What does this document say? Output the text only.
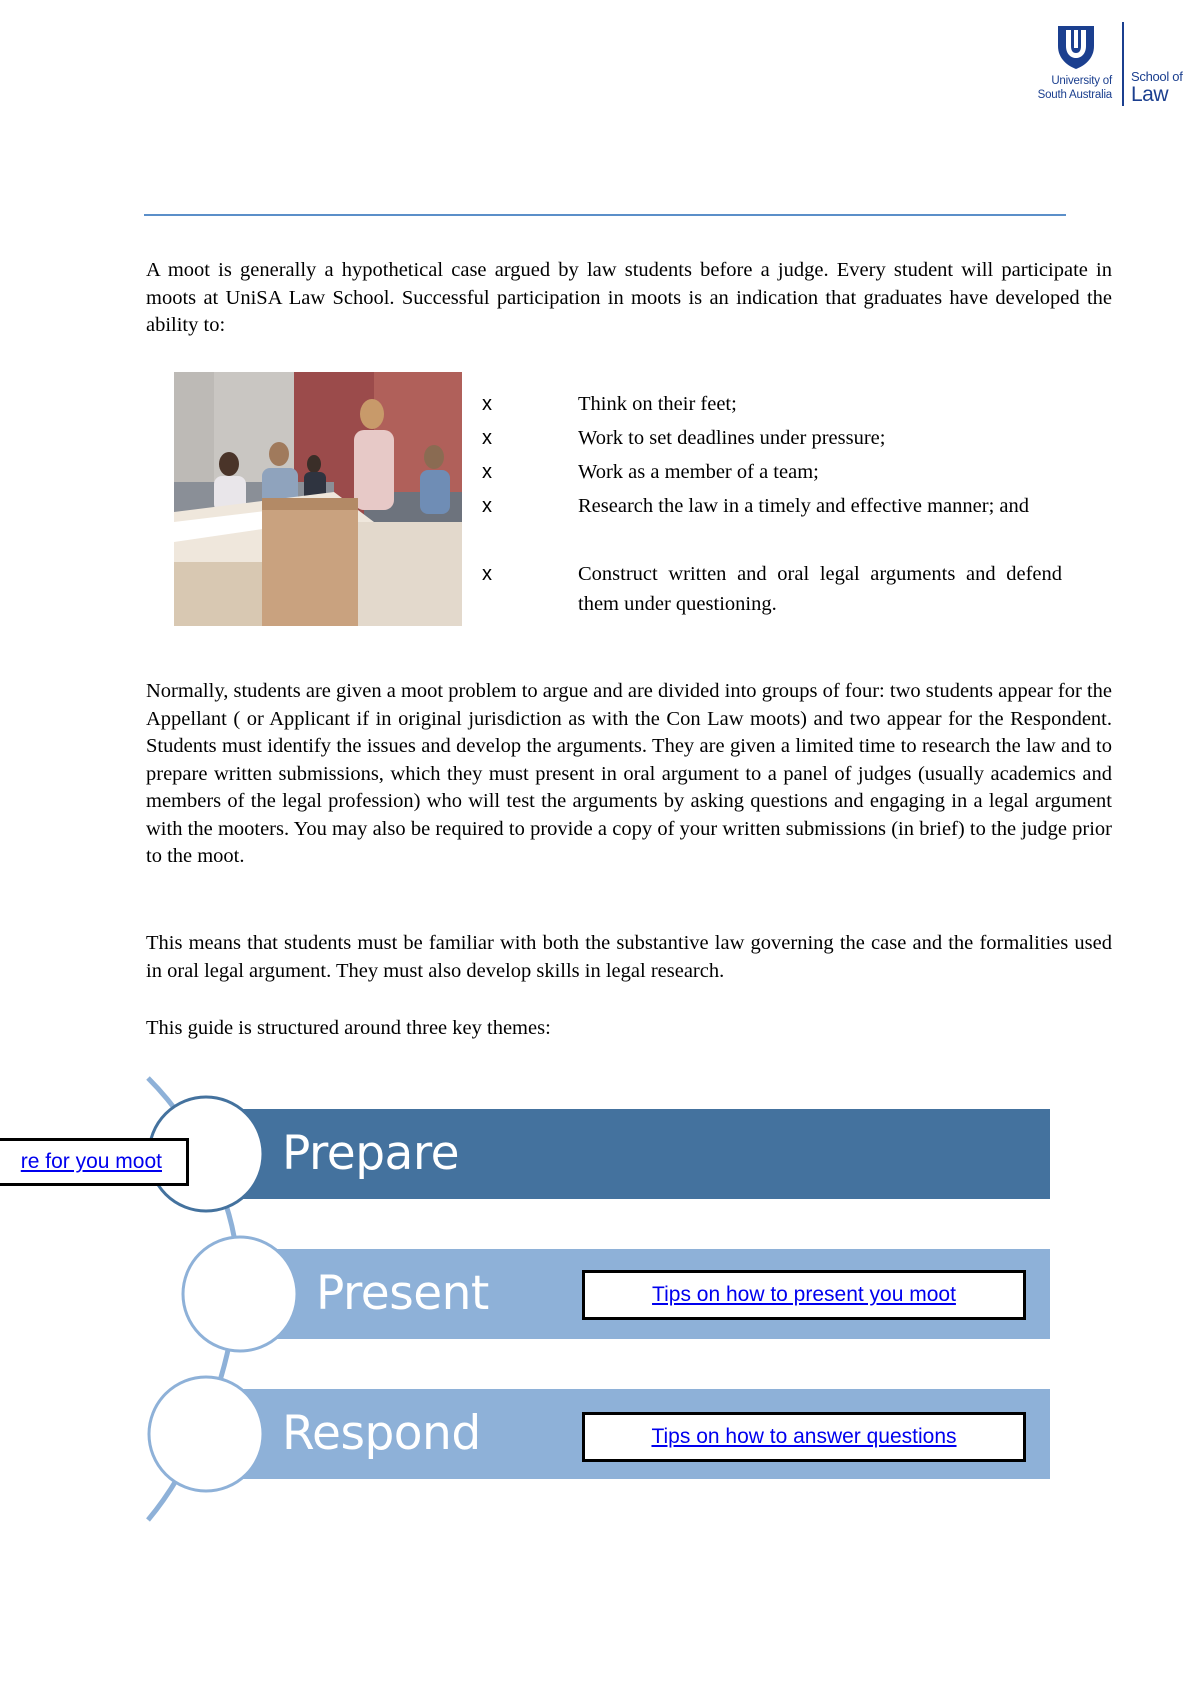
University of
South Australia
School of
Law
A moot is generally a hypothetical case argued by law students before a judge. Every student will participate in moots at UniSA Law School. Successful participation in moots is an indication that graduates have developed the ability to:
x	Think on their feet;
x	Work to set deadlines under pressure;
x	Work as a member of a team;
x	Research the law in a timely and effective manner; and
x	Construct written and oral legal arguments and defend them under questioning.
Normally, students are given a moot problem to argue and are divided into groups of four: two students appear for the Appellant ( or Applicant if in original jurisdiction as with the Con Law moots) and two appear for the Respondent. Students must identify the issues and develop the arguments. They are given a limited time to research the law and to prepare written submissions, which they must present in oral argument to a panel of judges (usually academics and members of the legal profession) who will test the arguments by asking questions and engaging in a legal argument with the mooters. You may also be required to provide a copy of your written submissions (in brief) to the judge prior to the moot.
This means that students must be familiar with both the substantive law governing the case and the formalities used in oral legal argument. They must also develop skills in legal research.
This guide is structured around three key themes:
Prepare
Present
Respond
re for you moot
Tips on how to present you moot
Tips on how to answer questions
